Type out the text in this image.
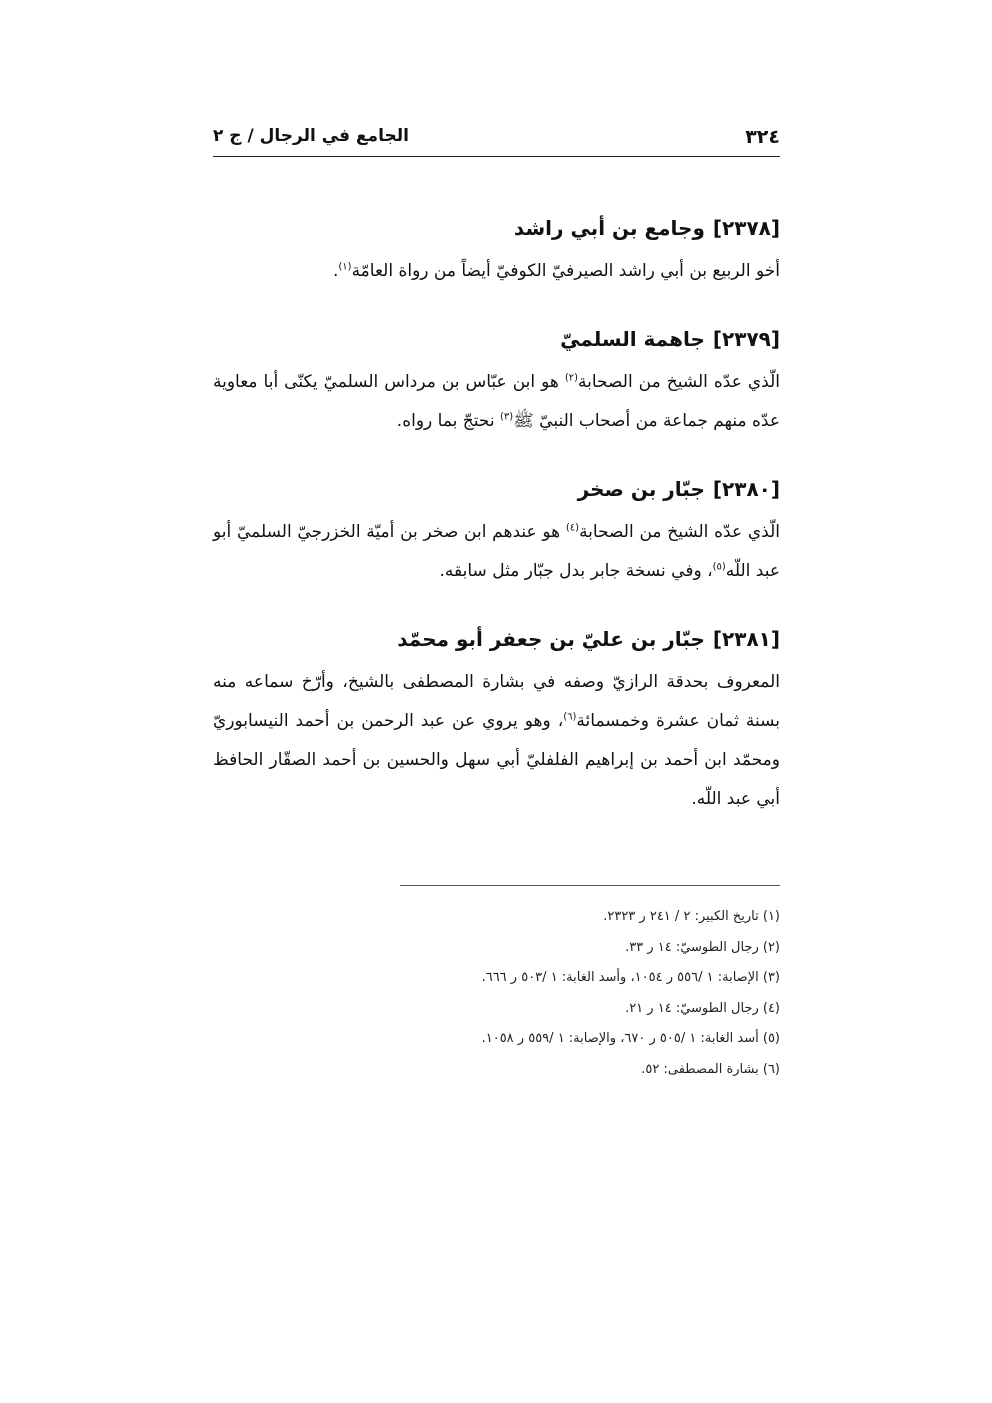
٣٢٤
الجامع في الرجال / ج ٢

[٢٣٧٨]وجامع بن أبي راشد

أخو الربيع بن أبي راشد الصيرفيّ الكوفيّ أيضاً من رواة العامّة$^{(١)}$.

[٢٣٧٩]جاهمة السلميّ

الّذي عدّه الشيخ من الصحابة$^{(٢)}$ هو ابن عبّاس بن مرداس السلميّ يكنّى أبا معاوية عدّه منهم جماعة من أصحاب النبيّ ﷺ$^{(٣)}$ نحتجّ بما رواه.

[٢٣٨٠]جبّار بن صخر

الّذي عدّه الشيخ من الصحابة$^{(٤)}$ هو عندهم ابن صخر بن أميّة الخزرجيّ السلميّ أبو عبد اللّه$^{(٥)}$، وفي نسخة جابر بدل جبّار مثل سابقه.

[٢٣٨١]جبّار بن عليّ بن جعفر أبو محمّد

المعروف بحدقة الرازيّ وصفه في بشارة المصطفى بالشيخ، وأرّخ سماعه منه بسنة ثمان عشرة وخمسمائة$^{(٦)}$، وهو يروي عن عبد الرحمن بن أحمد النيسابوريّ ومحمّد ابن أحمد بن إبراهيم الفلفليّ أبي سهل والحسين بن أحمد الصقّار الحافظ أبي عبد اللّه.

(١) تاريخ الكبير: ٢ / ٢٤١ ر ٢٣٢٣.
(٢) رجال الطوسيّ: ١٤ ر ٣٣.
(٣) الإصابة: ١ /٥٥٦ ر ١٠٥٤، وأسد الغابة: ١ /٥٠٣ ر ٦٦٦.
(٤) رجال الطوسيّ: ١٤ ر ٢١.
(٥) أسد الغابة: ١ /٥٠٥ ر ٦٧٠، والإصابة: ١ /٥٥٩ ر ١٠٥٨.
(٦) بشارة المصطفى: ٥٢.
